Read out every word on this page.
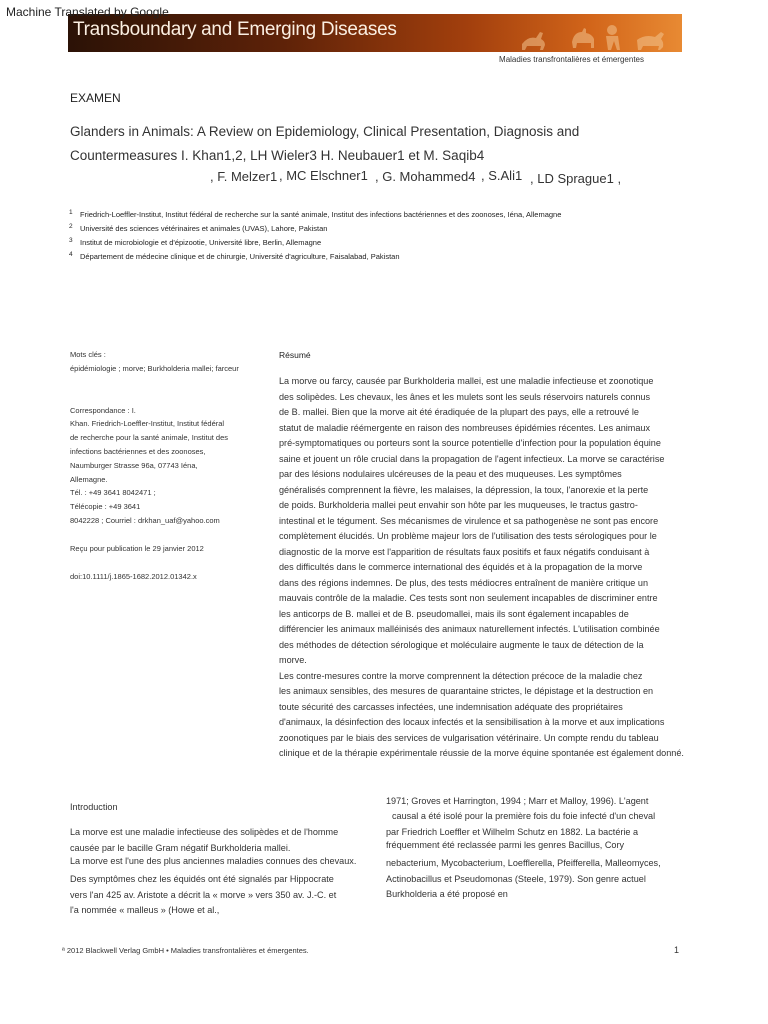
Machine Translated by Google
Transboundary and Emerging Diseases
Maladies transfrontalières et émergentes
EXAMEN
Glanders in Animals: A Review on Epidemiology, Clinical Presentation, Diagnosis and
Countermeasures I. Khan1,2, LH Wieler3 H. Neubauer1 et M. Saqib4
, F. Melzer1 , MC Elschner1 , G. Mohammed4 , S.Ali1 , LD Sprague1 ,
1 Friedrich-Loeffler-Institut, Institut fédéral de recherche sur la santé animale, Institut des infections bactériennes et des zoonoses, Iéna, Allemagne
2 Université des sciences vétérinaires et animales (UVAS), Lahore, Pakistan
3 Institut de microbiologie et d'épizootie, Université libre, Berlin, Allemagne
4 Département de médecine clinique et de chirurgie, Université d'agriculture, Faisalabad, Pakistan
Mots clés :
épidémiologie ; morve; Burkholderia mallei; farceur
Correspondance : I.
Khan. Friedrich-Loeffler-Institut, Institut fédéral
de recherche pour la santé animale, Institut des
infections bactériennes et des zoonoses,
Naumburger Strasse 96a, 07743 Iéna,
Allemagne.
Tél. : +49 3641 8042471 ;
Télécopie : +49 3641
8042228 ; Courriel : drkhan_uaf@yahoo.com
Reçu pour publication le 29 janvier 2012
doi:10.1111/j.1865-1682.2012.01342.x
Résumé
La morve ou farcy, causée par Burkholderia mallei, est une maladie infectieuse et zoonotique
des solipèdes. Les chevaux, les ânes et les mulets sont les seuls réservoirs naturels connus
de B. mallei. Bien que la morve ait été éradiquée de la plupart des pays, elle a retrouvé le
statut de maladie réémergente en raison des nombreuses épidémies récentes. Les animaux
pré-symptomatiques ou porteurs sont la source potentielle d'infection pour la population équine
saine et jouent un rôle crucial dans la propagation de l'agent infectieux. La morve se caractérise
par des lésions nodulaires ulcéreuses de la peau et des muqueuses. Les symptômes
généralisés comprennent la fièvre, les malaises, la dépression, la toux, l'anorexie et la perte
de poids. Burkholderia mallei peut envahir son hôte par les muqueuses, le tractus gastro-
intestinal et le tégument. Ses mécanismes de virulence et sa pathogenèse ne sont pas encore
complètement élucidés. Un problème majeur lors de l'utilisation des tests sérologiques pour le
diagnostic de la morve est l'apparition de résultats faux positifs et faux négatifs conduisant à
des difficultés dans le commerce international des équidés et à la propagation de la morve
dans des régions indemnes. De plus, des tests médiocres entraînent de manière critique un
mauvais contrôle de la maladie. Ces tests sont non seulement incapables de discriminer entre
les anticorps de B. mallei et de B. pseudomallei, mais ils sont également incapables de
différencier les animaux malléinisés des animaux naturellement infectés. L'utilisation combinée
des méthodes de détection sérologique et moléculaire augmente le taux de détection de la
morve.
Les contre-mesures contre la morve comprennent la détection précoce de la maladie chez
les animaux sensibles, des mesures de quarantaine strictes, le dépistage et la destruction en
toute sécurité des carcasses infectées, une indemnisation adéquate des propriétaires
d'animaux, la désinfection des locaux infectés et la sensibilisation à la morve et aux implications
zoonotiques par le biais des services de vulgarisation vétérinaire. Un compte rendu du tableau
clinique et de la thérapie expérimentale réussie de la morve équine spontanée est également donné.
Introduction
La morve est une maladie infectieuse des solipèdes et de l'homme
causée par le bacille Gram négatif Burkholderia mallei.
La morve est l'une des plus anciennes maladies connues des chevaux.
Des symptômes chez les équidés ont été signalés par Hippocrate
vers l'an 425 av. Aristote a décrit la « morve » vers 350 av. J.-C. et
l'a nommée « malleus » (Howe et al.,
1971; Groves et Harrington, 1994 ; Marr et Malloy, 1996). L'agent
causal a été isolé pour la première fois du foie infecté d'un cheval
par Friedrich Loeffler et Wilhelm Schutz en 1882. La bactérie a
fréquemment été reclassée parmi les genres Bacillus, Cory
nebacterium, Mycobacterium, Loefflerella, Pfeifferella, Malleomyces,
Actinobacillus et Pseudomonas (Steele, 1979). Son genre actuel
Burkholderia a été proposé en
ª 2012 Blackwell Verlag GmbH • Maladies transfrontalières et émergentes.	1
